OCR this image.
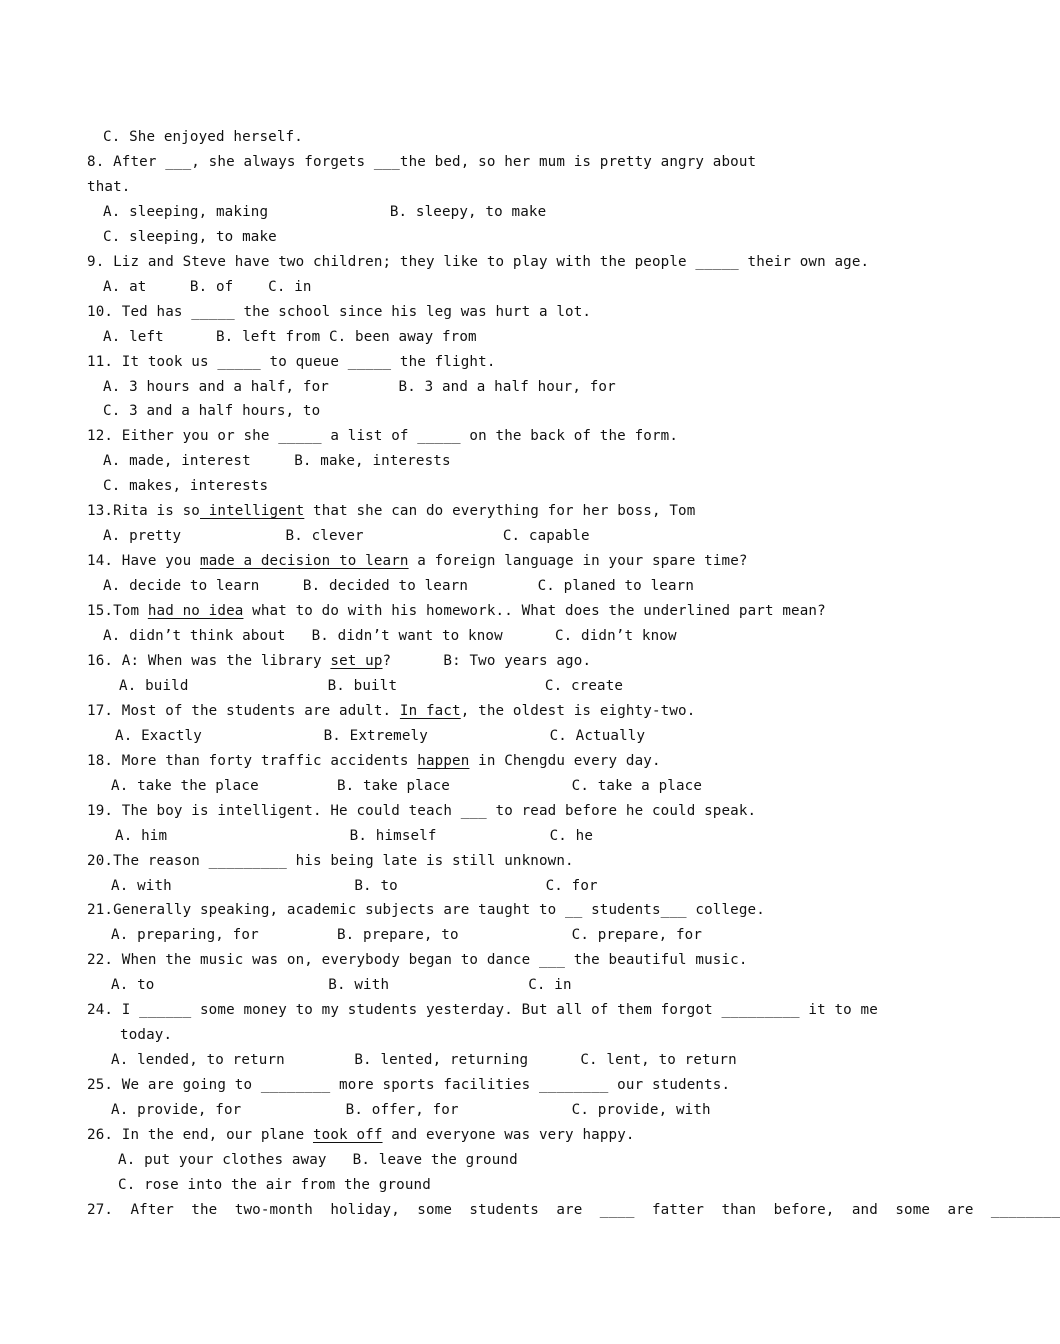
C. She enjoyed herself.
8. After ___, she always forgets ___the bed, so her mum is pretty angry about
that.
A. sleeping, making              B. sleepy, to make
C. sleeping, to make
9. Liz and Steve have two children; they like to play with the people _____ their own age.
A. at     B. of    C. in
10. Ted has _____ the school since his leg was hurt a lot.
A. left      B. left from C. been away from
11. It took us _____ to queue _____ the flight.
A. 3 hours and a half, for        B. 3 and a half hour, for
C. 3 and a half hours, to
12. Either you or she _____ a list of _____ on the back of the form.
A. made, interest     B. make, interests
C. makes, interests
13.Rita is so intelligent that she can do everything for her boss, Tom
A. pretty            B. clever                C. capable
14. Have you made a decision to learn a foreign language in your spare time?
A. decide to learn     B. decided to learn        C. planed to learn
15.Tom had no idea what to do with his homework.. What does the underlined part mean?
A. didn’t think about   B. didn’t want to know      C. didn’t know
16. A: When was the library set up?      B: Two years ago.
A. build                B. built                 C. create
17. Most of the students are adult. In fact, the oldest is eighty-two.
A. Exactly              B. Extremely              C. Actually
18. More than forty traffic accidents happen in Chengdu every day.
A. take the place         B. take place              C. take a place
19. The boy is intelligent. He could teach ___ to read before he could speak.
A. him                     B. himself             C. he
20.The reason _________ his being late is still unknown.
A. with                     B. to                 C. for
21.Generally speaking, academic subjects are taught to __ students___ college.
A. preparing, for         B. prepare, to             C. prepare, for
22. When the music was on, everybody began to dance ___ the beautiful music.
A. to                    B. with                C. in
24. I ______ some money to my students yesterday. But all of them forgot _________ it to me
today.
A. lended, to return        B. lented, returning      C. lent, to return
25. We are going to ________ more sports facilities ________ our students.
A. provide, for            B. offer, for             C. provide, with
26. In the end, our plane took off and everyone was very happy.
A. put your clothes away   B. leave the ground
C. rose into the air from the ground
27.  After  the  two-month  holiday,  some  students  are  ____  fatter  than  before,  and  some  are  ________
